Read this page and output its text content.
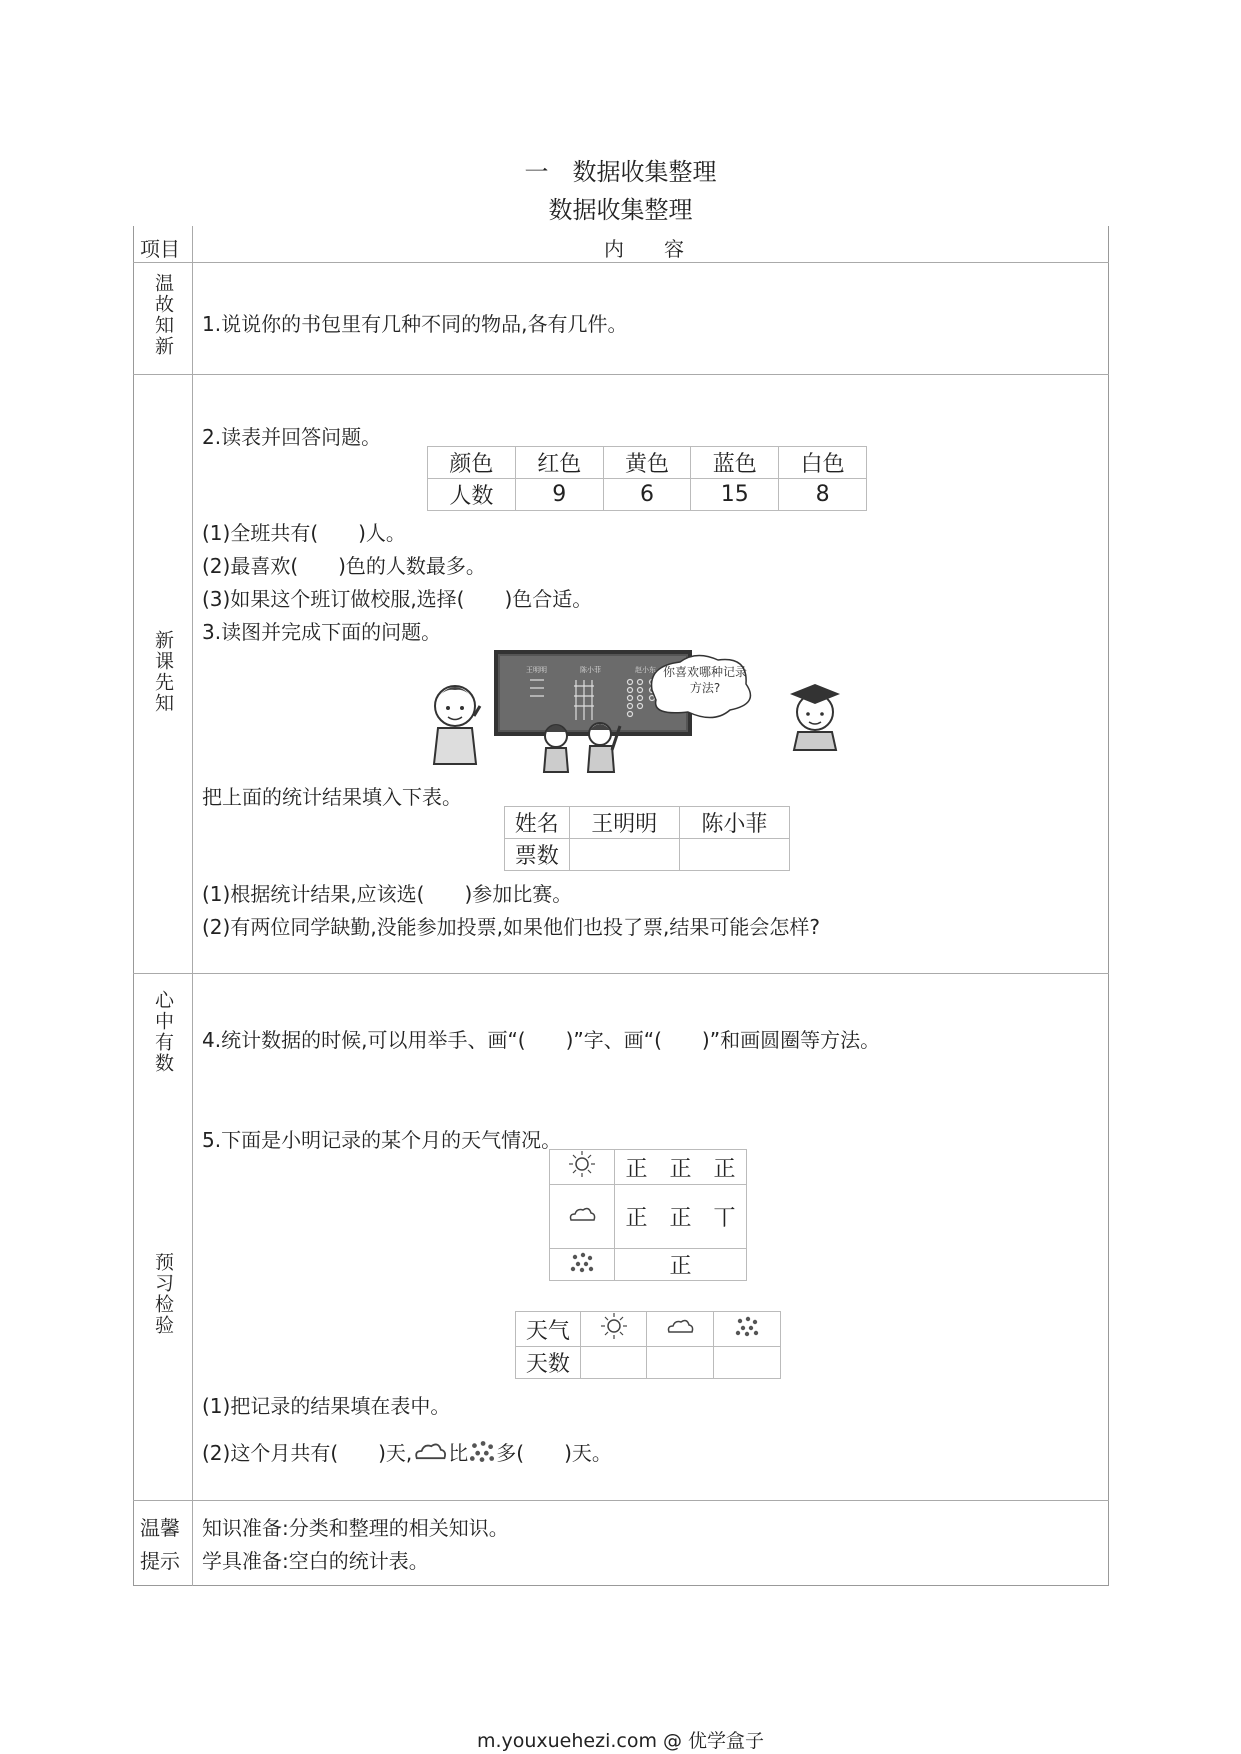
一　数据收集整理
数据收集整理
项目	内　　容
温故知新 1.说说你的书包里有几种不同的物品,各有几件。
新课先知
2.读表并回答问题。
颜色	红色	黄色	蓝色	白色
人数	9	6	15	8
(1)全班共有(　　)人。
(2)最喜欢(　　)色的人数最多。
(3)如果这个班订做校服,选择(　　)色合适。
3.读图并完成下面的问题。
王明明	陈小菲	赵小东 你喜欢哪种记录方法?
把上面的统计结果填入下表。
姓名	王明明	陈小菲
票数		
(1)根据统计结果,应该选(　　)参加比赛。
(2)有两位同学缺勤,没能参加投票,如果他们也投了票,结果可能会怎样?
心中有数 4.统计数据的时候,可以用举手、画“(　　)”字、画“(　　)”和画圆圈等方法。
预习检验
5.下面是小明记录的某个月的天气情况。
	正　正　正
	正　正　丅
	正
天气			
天数			
(1)把记录的结果填在表中。
(2)这个月共有(　　)天, 比 多(　　)天。
温馨
提示
知识准备:分类和整理的相关知识。
学具准备:空白的统计表。
m.youxuehezi.com @ 优学盒子
